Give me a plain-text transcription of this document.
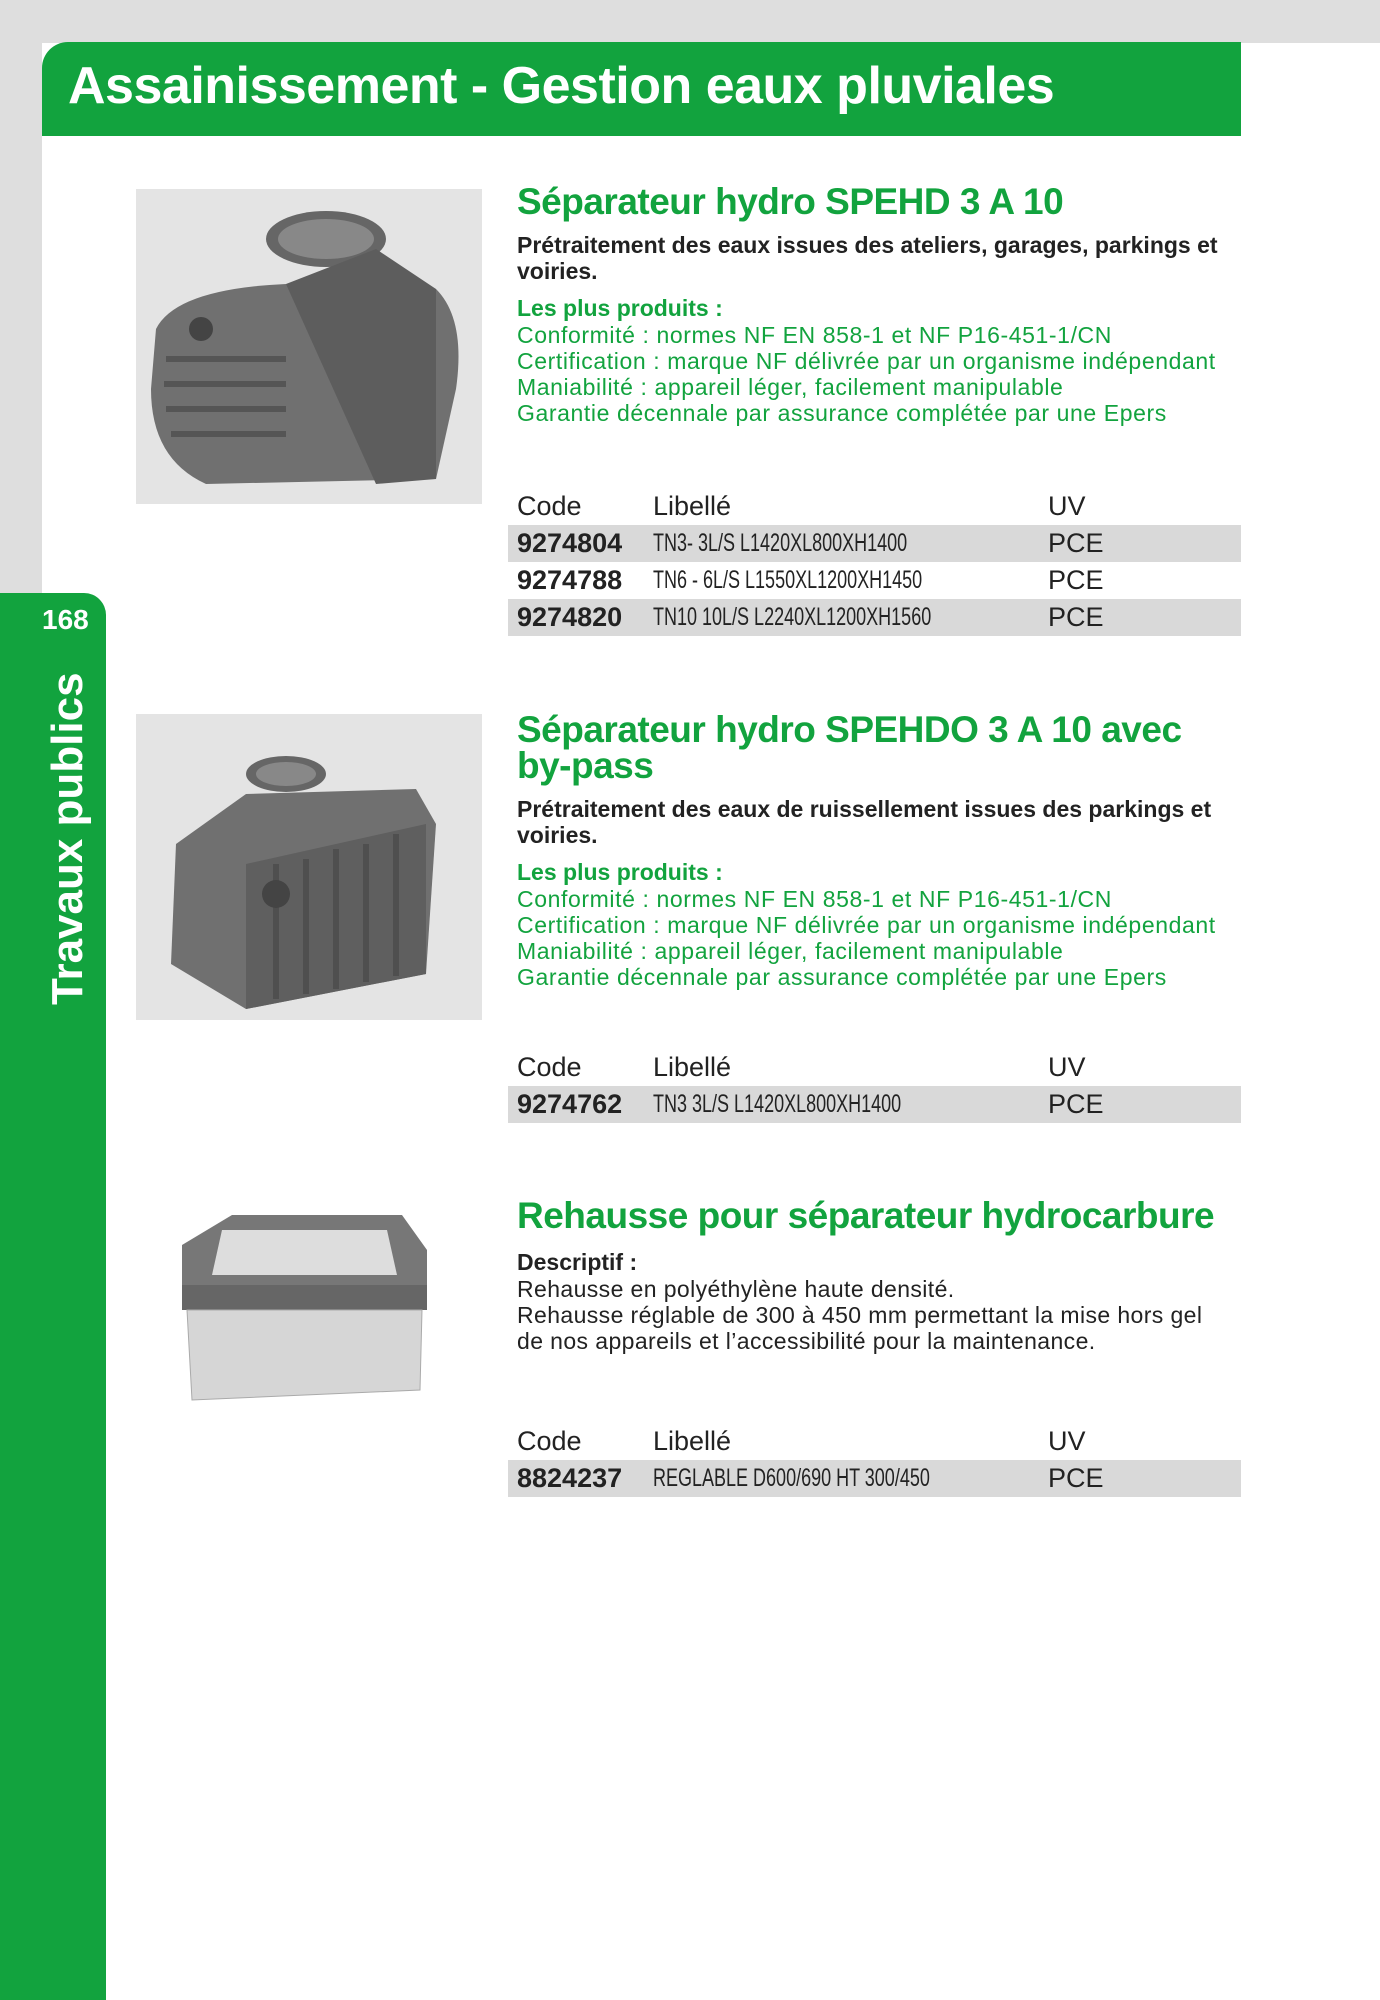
168
Travaux publics
Assainissement - Gestion eaux pluviales
Séparateur hydro SPEHD 3 A 10
Prétraitement des eaux issues des ateliers, garages, parkings et voiries.
Les plus produits :
Conformité : normes NF EN 858-1 et NF P16-451-1/CN
Certification : marque NF délivrée par un organisme indépendant
Maniabilité : appareil léger, facilement manipulable
Garantie décennale par assurance complétée par une Epers
Code	Libellé	UV
9274804	TN3- 3L/S L1420XL800XH1400	PCE
9274788	TN6 - 6L/S L1550XL1200XH1450	PCE
9274820	TN10 10L/S L2240XL1200XH1560	PCE
Séparateur hydro SPEHDO 3 A 10 avec by-pass
Prétraitement des eaux de ruissellement issues des parkings et voiries.
Les plus produits :
Conformité : normes NF EN 858-1 et NF P16-451-1/CN
Certification : marque NF délivrée par un organisme indépendant
Maniabilité : appareil léger, facilement manipulable
Garantie décennale par assurance complétée par une Epers
Code	Libellé	UV
9274762	TN3 3L/S L1420XL800XH1400	PCE
Rehausse pour séparateur hydrocarbure
Descriptif :
Rehausse en polyéthylène haute densité.
Rehausse réglable de 300 à 450 mm permettant la mise hors gel de nos appareils et l’accessibilité pour la maintenance.
Code	Libellé	UV
8824237	REGLABLE D600/690 HT 300/450	PCE
